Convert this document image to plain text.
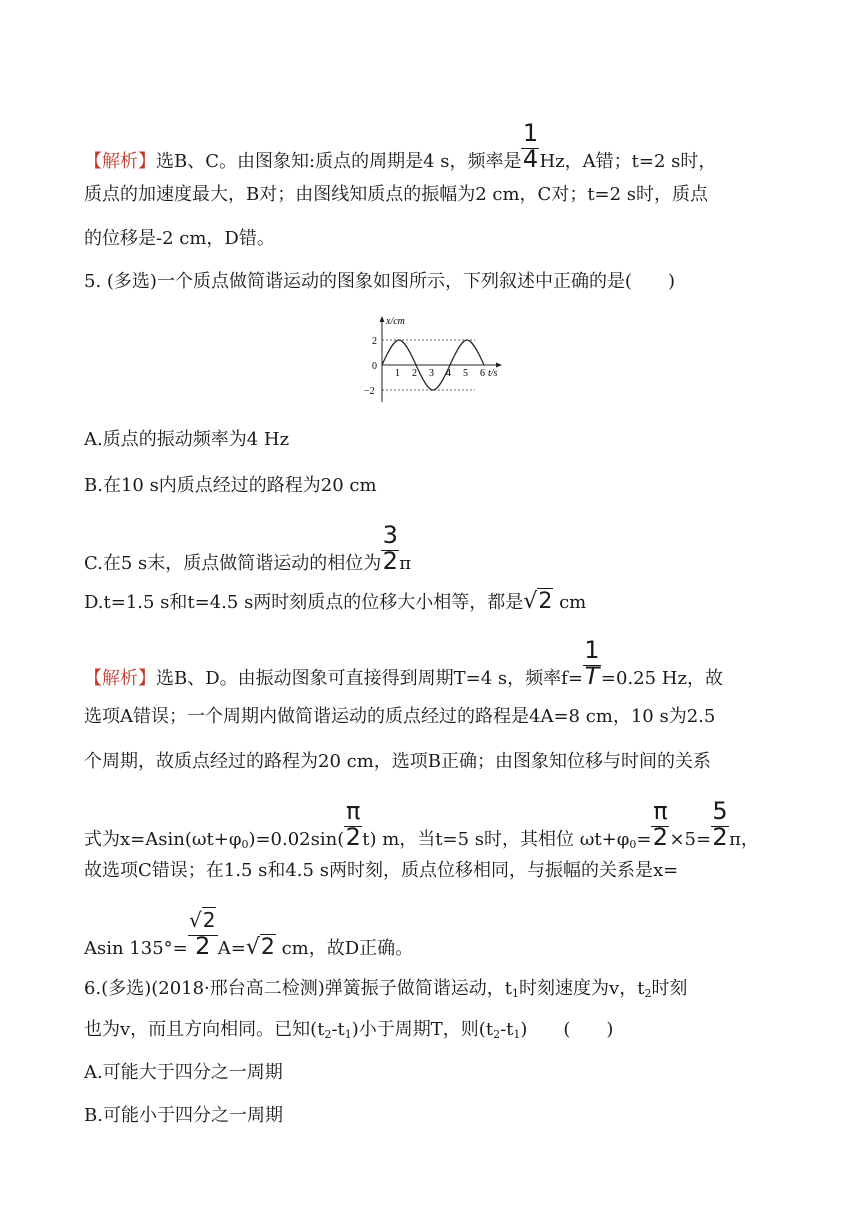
【解析】选B、C。由图象知:质点的周期是4 s，频率是 $\frac{1}{4}$ Hz，A错；t=2 s时，
质点的加速度最大，B对；由图线知质点的振幅为2 cm，C对；t=2 s时，质点
的位移是-2 cm，D错。
5. (多选)一个质点做简谐运动的图象如图所示，下列叙述中正确的是(　　)
x/cm
t/s
2
0
−2
1 2 3 4 5 6
A.质点的振动频率为4 Hz
B.在10 s内质点经过的路程为20 cm
C.在5 s末，质点做简谐运动的相位为 $\frac{3}{2}$ π
D.t=1.5 s和t=4.5 s两时刻质点的位移大小相等，都是√2 cm
【解析】选B、D。由振动图象可直接得到周期T=4 s，频率$f= \frac{1}{T} =0.25$ Hz，故
选项A错误；一个周期内做简谐运动的质点经过的路程是4A=8 cm，10 s为2.5
个周期，故质点经过的路程为20 cm，选项B正确；由图象知位移与时间的关系
式为$x=Asin(\omega t+\varphi_0)=0.02\sin( \frac{\pi}{2} t)$ m，当t=5 s时，其相位 $\omega t+\varphi_0= \frac{\pi}{2} \times 5= \frac{5}{2}$ π，
故选项C错误；在1.5 s和4.5 s两时刻，质点位移相同，与振幅的关系是x=
Asin $135^\circ= \frac{√2}{2} A=√2$ cm，故D正确。
6.(多选)(2018·邢台高二检测)弹簧振子做简谐运动，$t_1$时刻速度为v，$t_2$时刻
也为v，而且方向相同。已知$(t_2-t_1)$小于周期T，则$(t_2-t_1)$　　(　　)
A.可能大于四分之一周期
B.可能小于四分之一周期
